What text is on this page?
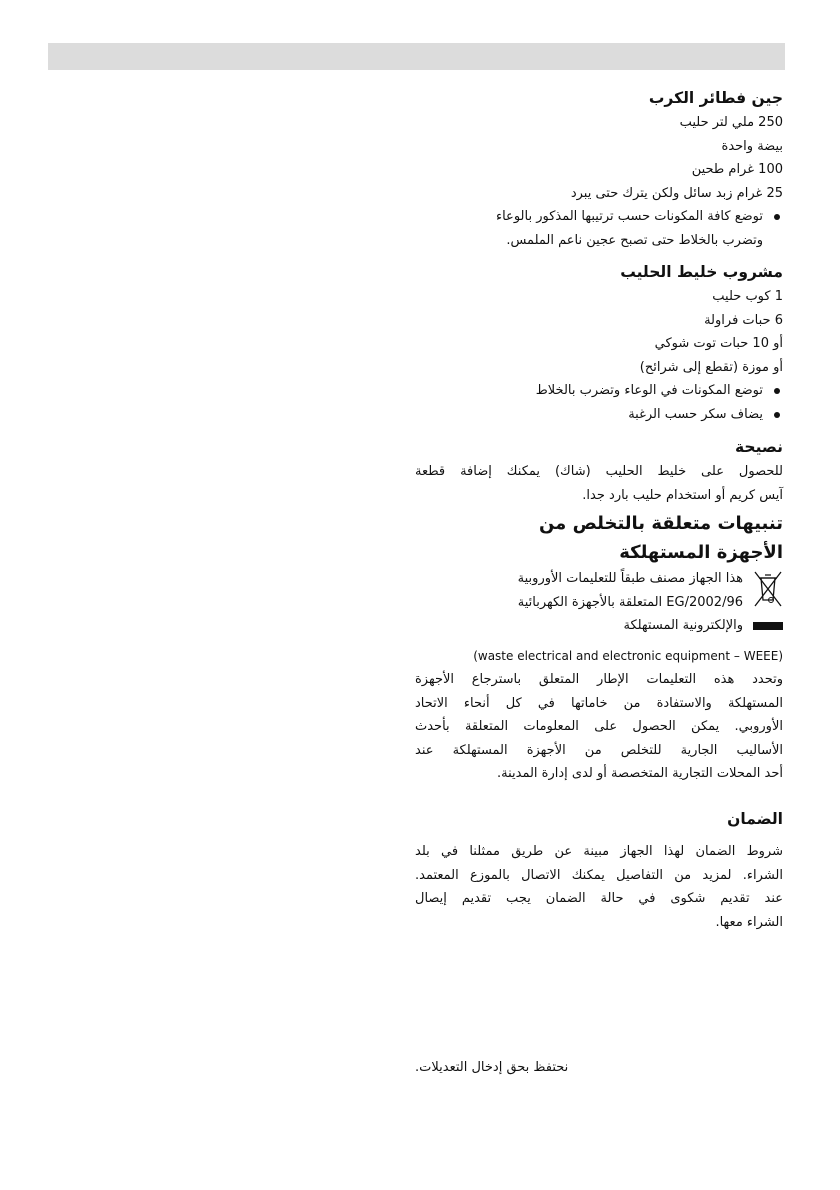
جين فطائر الكرب
250 ملي لتر حليب
بيضة واحدة
100 غرام طحين
25 غرام زبد سائل ولكن يترك حتى يبرد
توضع كافة المكونات حسب ترتيبها المذكور بالوعاء
وتضرب بالخلاط حتى تصبح عجين ناعم الملمس.
مشروب خليط الحليب
1 كوب حليب
6 حبات فراولة
أو 10 حبات توت شوكي
أو موزة (تقطع إلى شرائح)
توضع المكونات في الوعاء وتضرب بالخلاط
يضاف سكر حسب الرغبة
نصيحة
للحصول على خليط الحليب (شاك) يمكنك إضافة قطعة
آيس كريم أو استخدام حليب بارد جدا.
تنبيهات متعلقة بالتخلص من
الأجهزة المستهلكة
هذا الجهاز مصنف طبقاً للتعليمات الأوروبية
2002/96/EG المتعلقة بالأجهزة الكهربائية
والإلكترونية المستهلكة
(waste electrical and electronic equipment – WEEE)
وتحدد هذه التعليمات الإطار المتعلق باسترجاع الأجهزة
المستهلكة والاستفادة من خاماتها في كل أنحاء الاتحاد
الأوروبي. يمكن الحصول على المعلومات المتعلقة بأحدث
الأساليب الجارية للتخلص من الأجهزة المستهلكة عند
أحد المحلات التجارية المتخصصة أو لدى إدارة المدينة.
الضمان
شروط الضمان لهذا الجهاز مبينة عن طريق ممثلنا في بلد
الشراء. لمزيد من التفاصيل يمكنك الاتصال بالموزع المعتمد.
عند تقديم شكوى في حالة الضمان يجب تقديم إيصال
الشراء معها.
نحتفظ بحق إدخال التعديلات.
